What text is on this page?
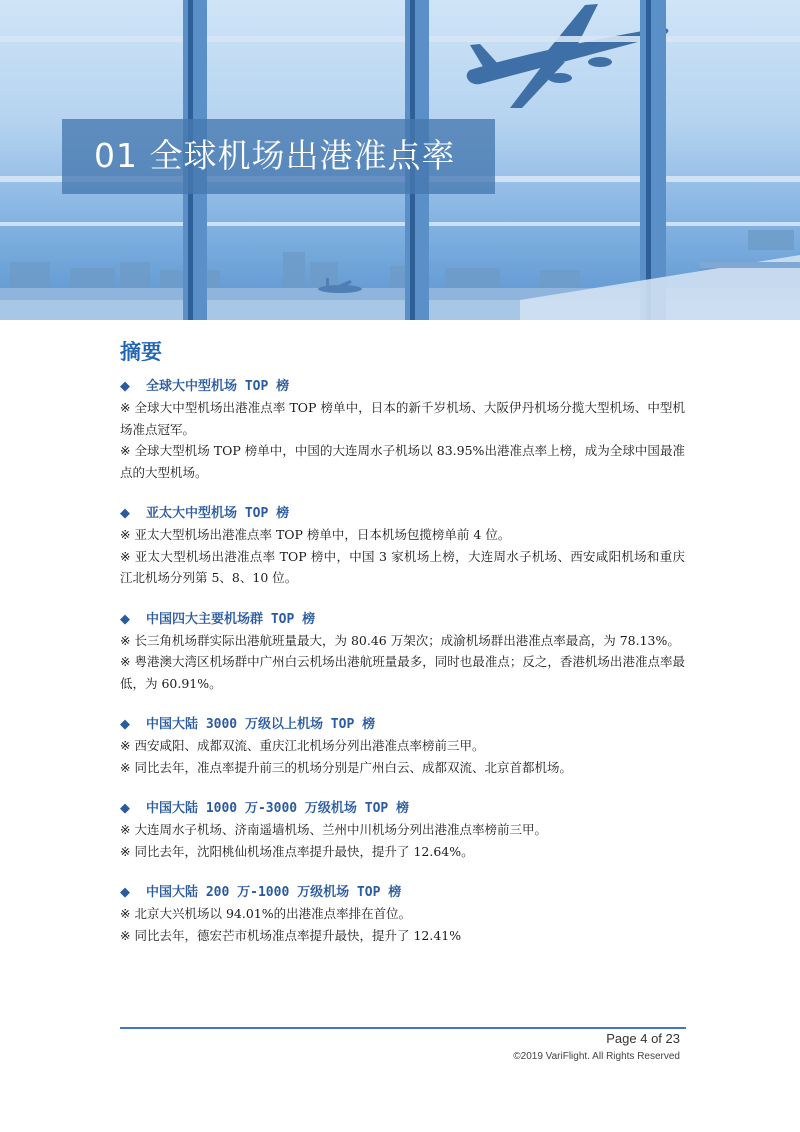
01 全球机场出港准点率
摘要
◆ 全球大中型机场 TOP 榜
※ 全球大中型机场出港准点率 TOP 榜单中，日本的新千岁机场、大阪伊丹机场分揽大型机场、中型机场准点冠军。
※ 全球大型机场 TOP 榜单中，中国的大连周水子机场以 83.95%出港准点率上榜，成为全球中国最准点的大型机场。
◆ 亚太大中型机场 TOP 榜
※ 亚太大型机场出港准点率 TOP 榜单中，日本机场包揽榜单前 4 位。
※ 亚太大型机场出港准点率 TOP 榜中，中国 3 家机场上榜，大连周水子机场、西安咸阳机场和重庆江北机场分列第 5、8、10 位。
◆ 中国四大主要机场群 TOP 榜
※ 长三角机场群实际出港航班量最大，为 80.46 万架次；成渝机场群出港准点率最高，为 78.13%。
※ 粤港澳大湾区机场群中广州白云机场出港航班量最多，同时也最准点；反之，香港机场出港准点率最低，为 60.91%。
◆ 中国大陆 3000 万级以上机场 TOP 榜
※ 西安咸阳、成都双流、重庆江北机场分列出港准点率榜前三甲。
※ 同比去年，准点率提升前三的机场分别是广州白云、成都双流、北京首都机场。
◆ 中国大陆 1000 万-3000 万级机场 TOP 榜
※ 大连周水子机场、济南遥墙机场、兰州中川机场分列出港准点率榜前三甲。
※ 同比去年，沈阳桃仙机场准点率提升最快，提升了 12.64%。
◆ 中国大陆 200 万-1000 万级机场 TOP 榜
※ 北京大兴机场以 94.01%的出港准点率排在首位。
※ 同比去年，德宏芒市机场准点率提升最快，提升了 12.41%
Page 4 of 23
©2019 VariFlight. All Rights Reserved
